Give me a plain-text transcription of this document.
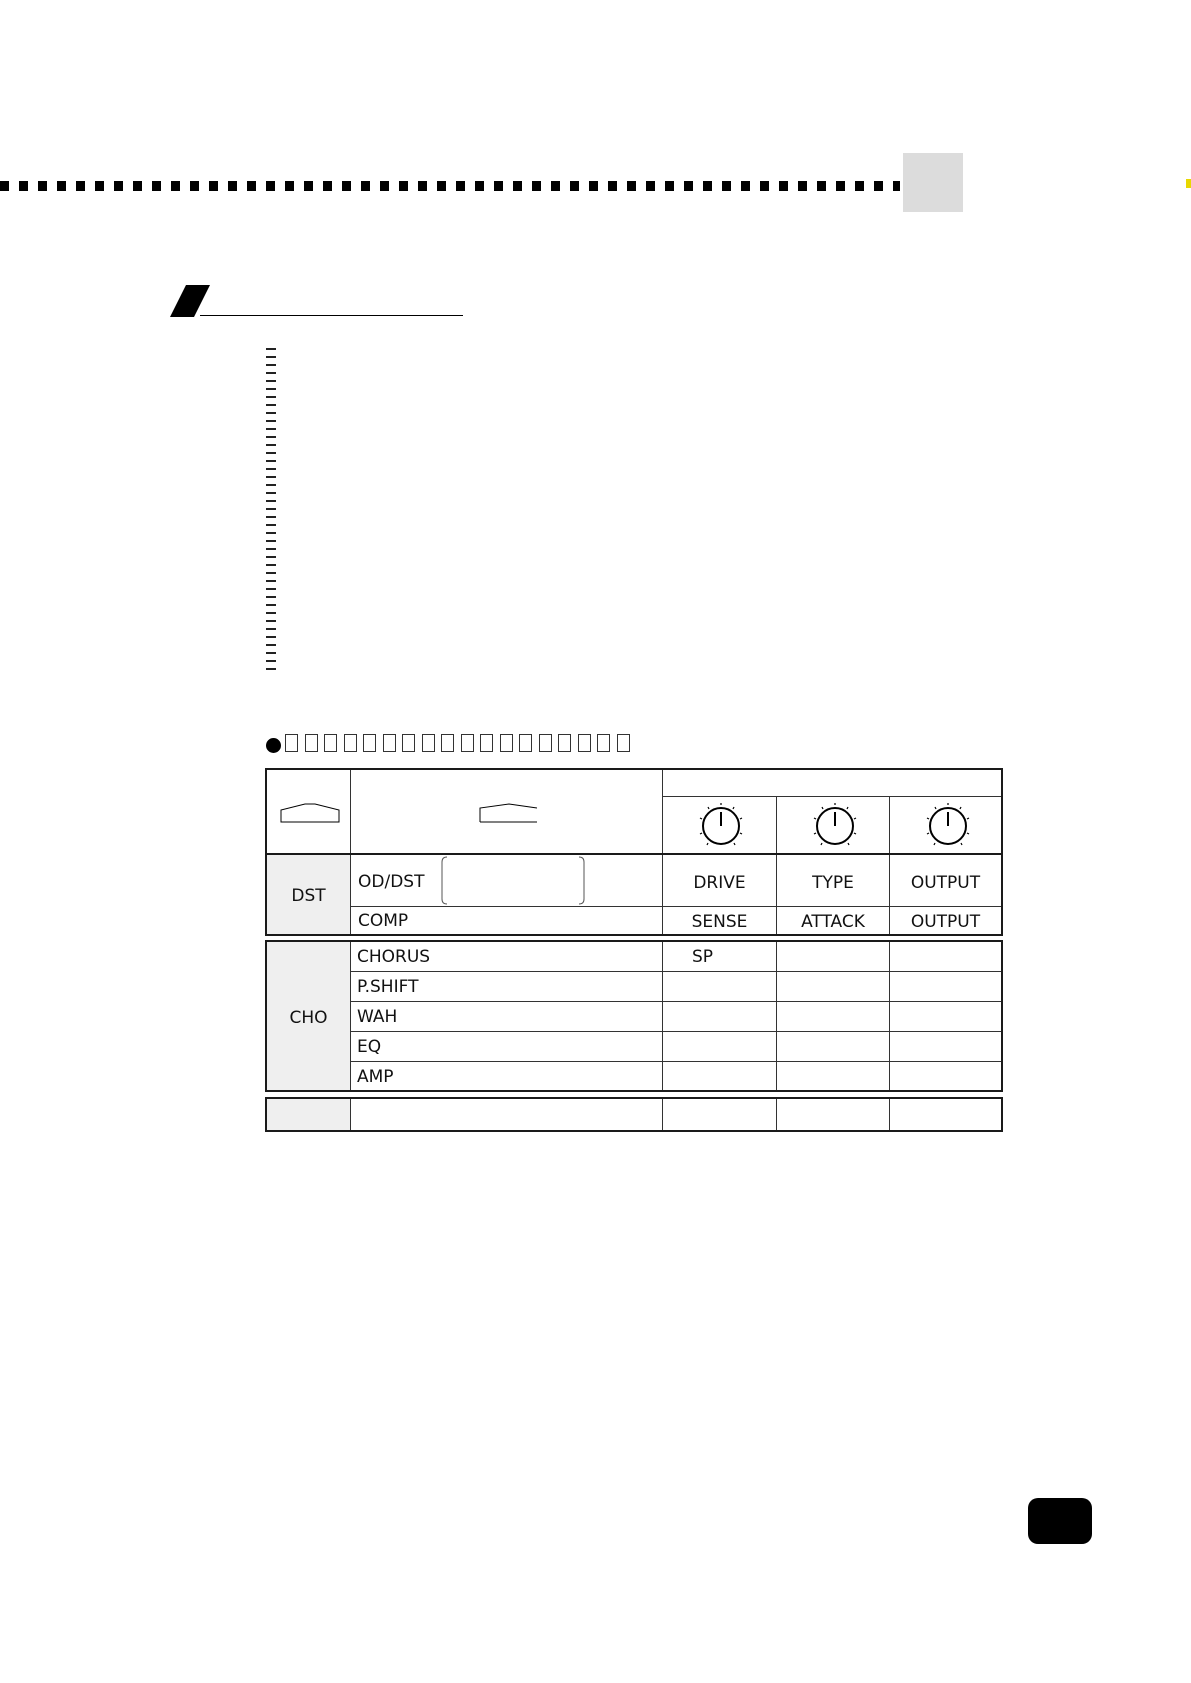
DST
OD/DST	DRIVE	TYPE	OUTPUT
COMP	SENSE	ATTACK	OUTPUT
CHO
CHORUS	SP
P.SHIFT
WAH
EQ
AMP
